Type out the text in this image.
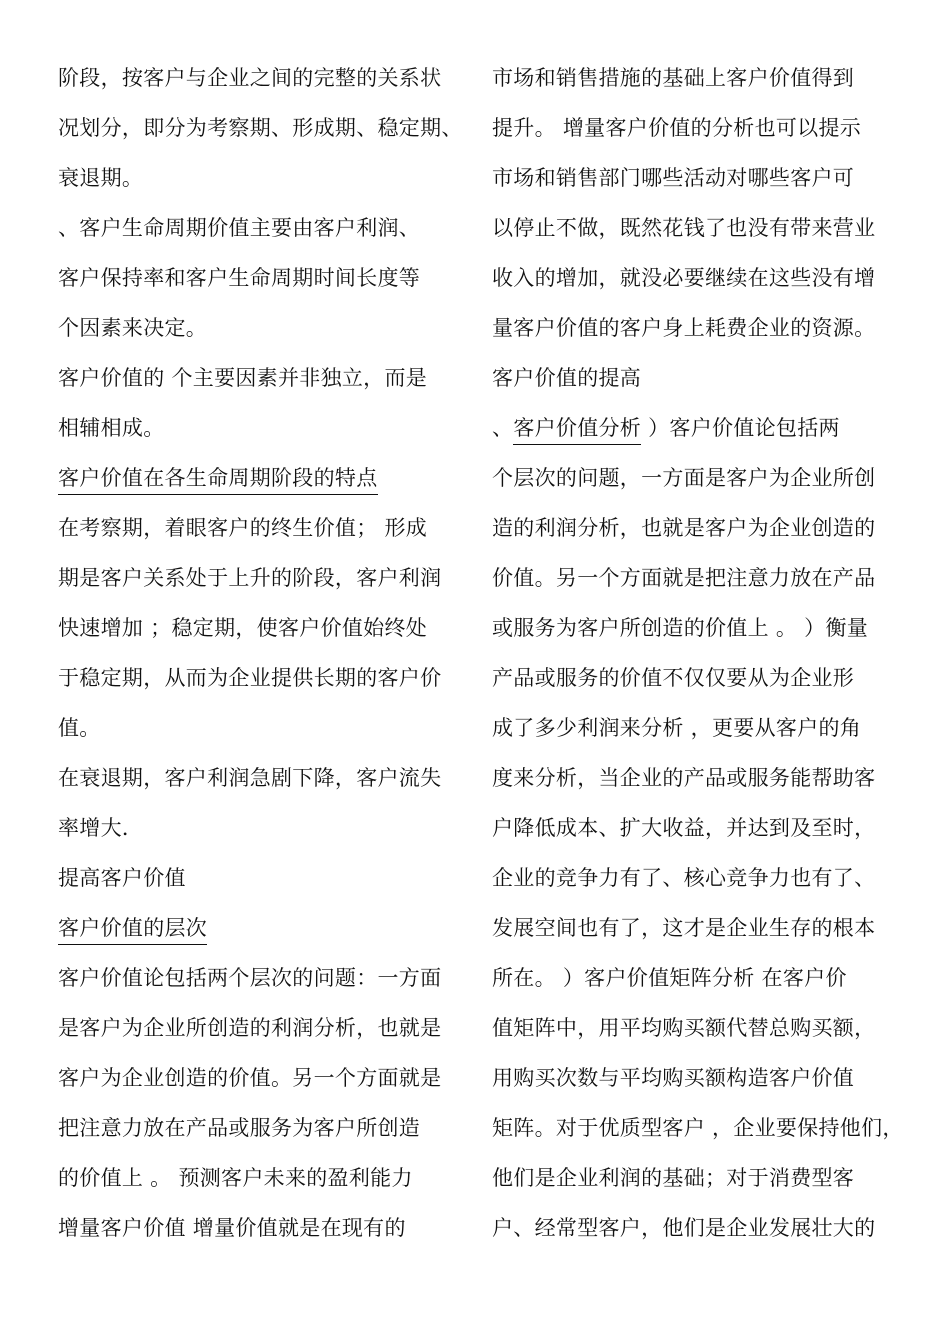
阶段，按客户与企业之间的完整的关系状
况划分，即分为考察期、形成期、稳定期、
衰退期。
、客户生命周期价值主要由客户利润、
客户保持率和客户生命周期时间长度等
个因素来决定。
客户价值的 个主要因素并非独立，而是
相辅相成。
客户价值在各生命周期阶段的特点
在考察期，着眼客户的终生价值； 形成
期是客户关系处于上升的阶段，客户利润
快速增加 ；稳定期，使客户价值始终处
于稳定期，从而为企业提供长期的客户价
值。
在衰退期，客户利润急剧下降，客户流失
率增大．
提高客户价值
客户价值的层次
客户价值论包括两个层次的问题：一方面
是客户为企业所创造的利润分析，也就是
客户为企业创造的价值。另一个方面就是
把注意力放在产品或服务为客户所创造
的价值上 。 预测客户未来的盈利能力
增量客户价值 增量价值就是在现有的
市场和销售措施的基础上客户价值得到
提升。 增量客户价值的分析也可以提示
市场和销售部门哪些活动对哪些客户可
以停止不做，既然花钱了也没有带来营业
收入的增加，就没必要继续在这些没有增
量客户价值的客户身上耗费企业的资源。
客户价值的提高
、客户价值分析 ）客户价值论包括两
个层次的问题，一方面是客户为企业所创
造的利润分析，也就是客户为企业创造的
价值。另一个方面就是把注意力放在产品
或服务为客户所创造的价值上 。 ）衡量
产品或服务的价值不仅仅要从为企业形
成了多少利润来分析 ，更要从客户的角
度来分析，当企业的产品或服务能帮助客
户降低成本、扩大收益，并达到及至时，
企业的竞争力有了、核心竞争力也有了、
发展空间也有了，这才是企业生存的根本
所在。 ）客户价值矩阵分析 在客户价
值矩阵中，用平均购买额代替总购买额，
用购买次数与平均购买额构造客户价值
矩阵。对于优质型客户 ，企业要保持他们，
他们是企业利润的基础；对于消费型客
户、经常型客户，他们是企业发展壮大的
